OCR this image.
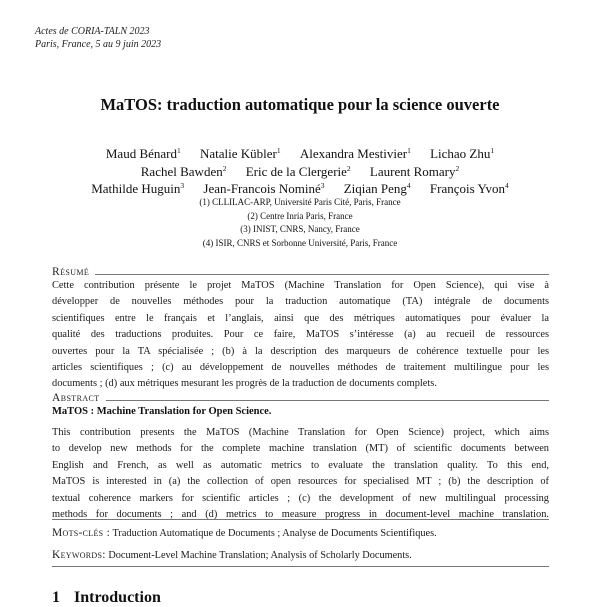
Actes de CORIA-TALN 2023
Paris, France, 5 au 9 juin 2023
MaTOS: traduction automatique pour la science ouverte
Maud Bénard$^1$ Natalie Kübler$^1$ Alexandra Mestivier$^1$ Lichao Zhu$^1$
Rachel Bawden$^2$ Eric de la Clergerie$^2$ Laurent Romary$^2$
Mathilde Huguin$^3$ Jean-Francois Nominé$^3$ Ziqian Peng$^4$ François Yvon$^4$
(1) CLLILAC-ARP, Université Paris Cité, Paris, France
(2) Centre Inria Paris, France
(3) INIST, CNRS, Nancy, France
(4) ISIR, CNRS et Sorbonne Université, Paris, France
Résumé
Cette contribution présente le projet MaTOS (Machine Translation for Open Science), qui vise à
développer de nouvelles méthodes pour la traduction automatique (TA) intégrale de documents
scientifiques entre le français et l’anglais, ainsi que des métriques automatiques pour évaluer la
qualité des traductions produites. Pour ce faire, MaTOS s’intéresse (a) au recueil de ressources
ouvertes pour la TA spécialisée ; (b) à la description des marqueurs de cohérence textuelle pour les
articles scientifiques ; (c) au développement de nouvelles méthodes de traitement multilingue pour les
documents ; (d) aux métriques mesurant les progrès de la traduction de documents complets.
Abstract
MaTOS : Machine Translation for Open Science.
This contribution presents the MaTOS (Machine Translation for Open Science) project, which aims
to develop new methods for the complete machine translation (MT) of scientific documents between
English and French, as well as automatic metrics to evaluate the translation quality. To this end,
MaTOS is interested in (a) the collection of open resources for specialised MT ; (b) the description of
textual coherence markers for scientific articles ; (c) the development of new multilingual processing
methods for documents ; and (d) metrics to measure progress in document-level machine translation.
Mots-clés : Traduction Automatique de Documents ; Analyse de Documents Scientifiques.
Keywords: Document-Level Machine Translation; Analysis of Scholarly Documents.
1 Introduction
